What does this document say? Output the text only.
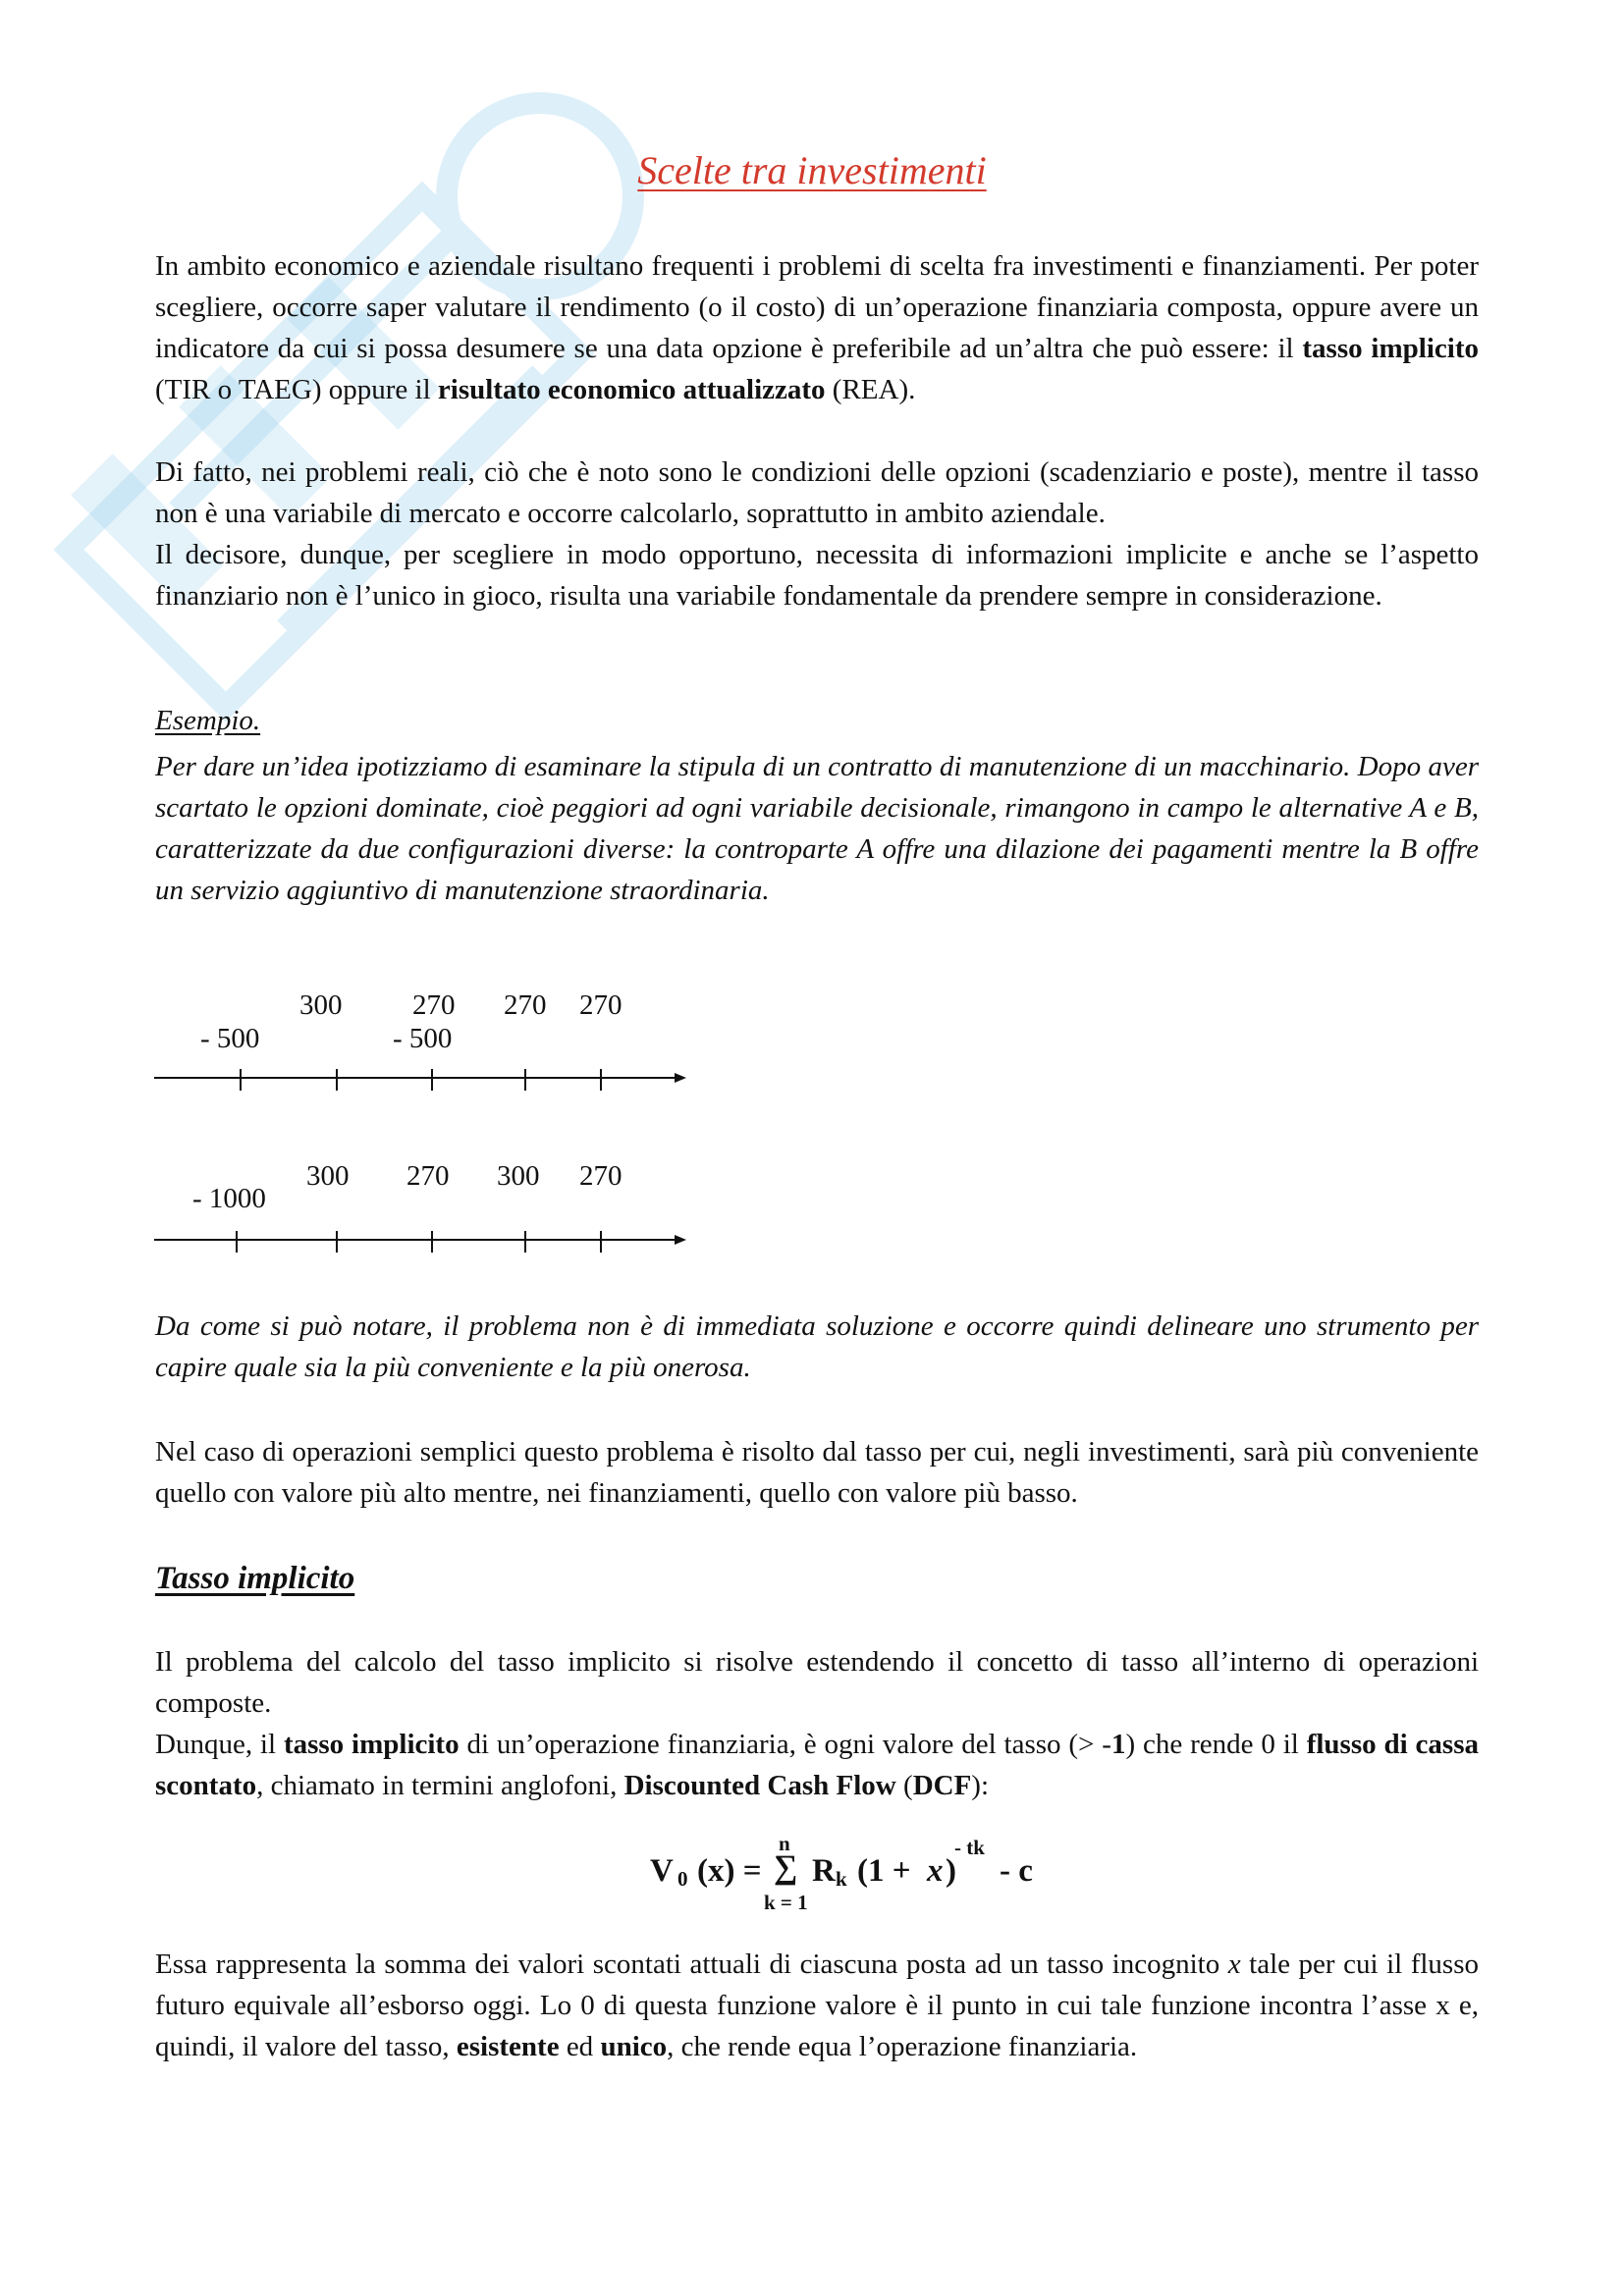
Scelte tra investimenti

In ambito economico e aziendale risultano frequenti i problemi di scelta fra investimenti e finanziamenti. Per poter scegliere, occorre saper valutare il rendimento (o il costo) di un’operazione finanziaria composta, oppure avere un indicatore da cui si possa desumere se una data opzione è preferibile ad un’altra che può essere: il tasso implicito (TIR o TAEG) oppure il risultato economico attualizzato (REA).

Di fatto, nei problemi reali, ciò che è noto sono le condizioni delle opzioni (scadenziario e poste), mentre il tasso non è una variabile di mercato e occorre calcolarlo, soprattutto in ambito aziendale.

Il decisore, dunque, per scegliere in modo opportuno, necessita di informazioni implicite e anche se l’aspetto finanziario non è l’unico in gioco, risulta una variabile fondamentale da prendere sempre in considerazione.

Esempio.

Per dare un’idea ipotizziamo di esaminare la stipula di un contratto di manutenzione di un macchinario. Dopo aver scartato le opzioni dominate, cioè peggiori ad ogni variabile decisionale, rimangono in campo le alternative A e B, caratterizzate da due configurazioni diverse: la controparte A offre una dilazione dei pagamenti mentre la B offre un servizio aggiuntivo di manutenzione straordinaria.

300 270 270 270
- 500	- 500
300 270 300 270
- 1000

Da come si può notare, il problema non è di immediata soluzione e occorre quindi delineare uno strumento per capire quale sia la più conveniente e la più onerosa.

Nel caso di operazioni semplici questo problema è risolto dal tasso per cui, negli investimenti, sarà più conveniente quello con valore più alto mentre, nei finanziamenti, quello con valore più basso.

Tasso implicito

Il problema del calcolo del tasso implicito si risolve estendendo il concetto di tasso all’interno di operazioni composte.

Dunque, il tasso implicito di un’operazione finanziaria, è ogni valore del tasso (> -1) che rende 0 il flusso di cassa scontato, chiamato in termini anglofoni, Discounted Cash Flow (DCF):

V 0 (x) =
n
∑
k = 1
R k (1 + x )
- tk
- c

Essa rappresenta la somma dei valori scontati attuali di ciascuna posta ad un tasso incognito x tale per cui il flusso futuro equivale all’esborso oggi. Lo 0 di questa funzione valore è il punto in cui tale funzione incontra l’asse x e, quindi, il valore del tasso, esistente ed unico, che rende equa l’operazione finanziaria.
